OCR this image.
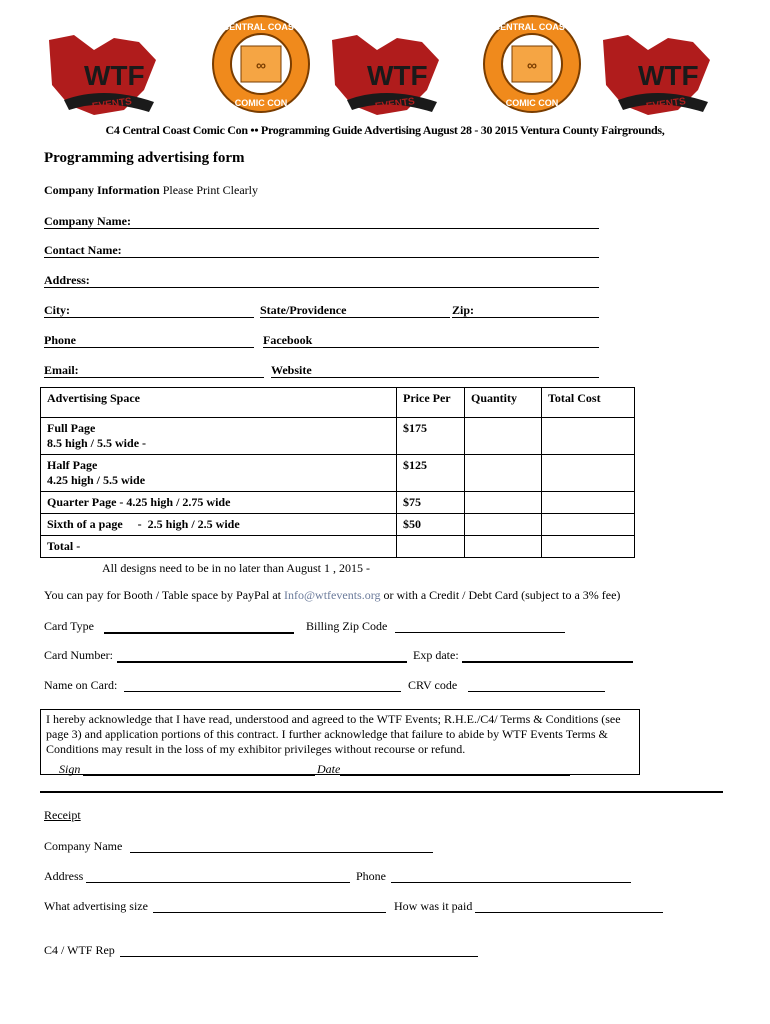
WTF
EVENTS
∞
CENTRAL COAST
COMIC CON
WTF
EVENTS
∞
CENTRAL COAST
COMIC CON
WTF
EVENTS
C4 Central Coast Comic Con •• Programming Guide Advertising August 28 - 30 2015 Ventura County Fairgrounds,
Programming advertising form
Company Information Please Print Clearly
Company Name:
Contact Name:
Address:
City:	State/Providence	Zip:
Phone	Facebook
Email:	Website
Advertising Space	Price Per	Quantity	Total Cost

Full Page
8.5 high / 5.5 wide -	$175		

Half Page
4.25 high / 5.5 wide	$125		
Quarter Page - 4.25 high / 2.75 wide	$75		
Sixth of a page     -  2.5 high / 2.5 wide	$50		
Total -			
All designs need to be in no later than August 1 , 2015 -
You can pay for Booth / Table space by PayPal at Info@wtfevents.org or with a Credit / Debt Card (subject to a 3% fee)
Card Type	Billing Zip Code
Card Number:	Exp date:
Name on Card:	CRV code
I hereby acknowledge that I have read, understood and agreed to the WTF Events; R.H.E./C4/ Terms & Conditions (see page 3) and application portions of this contract. I further acknowledge that failure to abide by WTF Events Terms & Conditions may result in the loss of my exhibitor privileges without recourse or refund.
Sign	Date
Receipt
Company Name
Address	Phone
What advertising size	How was it paid
C4 / WTF Rep
